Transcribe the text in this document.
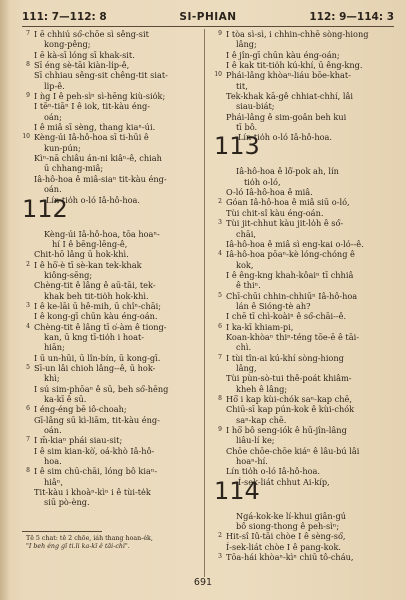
111: 7—112: 8	SI-PHIAN	112: 9—114: 3
7 I ē chhiú só͘-chōe sì sêng-sit
kong-pêng;
I ē kà-sī lóng sī khak-sit.
8 Sī éng sè-tāi kiàn-li̍p-ê,
Sī chhiau sêng-sit chêng-tit siat-
li̍p-ê.
9 I ǹg I ê peh-sìⁿ sì-hēng kiù-sio̍k;
I tēⁿ-tiāⁿ I ê iok, tit-kàu éng-
oán;
I ê miâ sī sèng, thang kiaⁿ-úi.
10 Kèng-úi Iâ-hô-hoa sī ti-hūi ê
kun-pún;
Kìⁿ-nā chiâu án-ni kiâⁿ-ê, chiah
ū chhang-miâ;
Iâ-hô-hoa ê miâ-siaⁿ tit-kàu éng-
oán.
112
Lín tio̍h o-ló Iâ-hô-hoa.
Kèng-úi Iâ-hô-hoa, tōa hoaⁿ-
hí I ê bēng-lēng-ê,
Chit-hō lâng ū hok-khì.
2 I ê hō͘-è tī sè-kan tek-khak
kiông-sēng;
Chèng-tit ê lâng ê aū-tāi, tek-
khak beh tit-tio̍h hok-khì.
3 I ê ke-lāi ū hê-mih, ū chîⁿ-chāi;
I ê kong-gī chūn kàu éng-oán.
4 Chèng-tit ê lâng tī o͘-àm ê tiong-
kan, ū kng tī-tio̍h i hoat-
hiān;
I ū un-hūi, ū lîn-bín, ū kong-gī.
5 Sī-un lâi chioh lâng--ê, ū hok-
khì;
I sú sim-phōaⁿ ê sū, beh só͘-hēng
ka-kī ê sū.
6 I éng-éng bē iô-choah;
Gī-lâng sū kì-liām, tit-kàu éng-
oán.
7 I m̄-kiaⁿ phái siau-sit;
I ê sim kian-kò͘, oá-khò Iâ-hô-
hoa.
8 I ê sim chū-chāi, lóng bô kiaⁿ-
hiâⁿ,
Tit-kàu i khoàⁿ-kìⁿ i ê tùi-te̍k
siū pò-èng.
9 I tòa sì-sì, i chhin-chhē sòng-hiong
lâng;
I ê jîn-gī chūn kàu éng-oán;
I ê kak tit-tio̍h kú-khí, ū êng-kng.
10 Phái-lâng khòaⁿ-liáu bōe-khat-
tit,
Tek-khak kā-gê chhiat-chhí, lâi
siau-biát;
Phái-lâng ê sim-goân beh kui
tī bô.
113
Lín tio̍h o-ló Iâ-hô-hoa.
Iâ-hô-hoa ê lô͘-pok ah, lín
tio̍h o-ló,
O-ló Iâ-hô-hoa ê miâ.
2 Góan Iâ-hô-hoa ê miâ siū o-ló,
Tùi chit-sî kàu éng-oán.
3 Tùi jit-chhut kàu jit-lo̍h ê só͘-
chāi,
Iâ-hô-hoa ê miâ sì eng-kai o-ló--ê.
4 Iâ-hô-hoa pōaⁿ-kè lóng-chóng ê
kok,
I ê êng-kng khah-kôaiⁿ tī chhiâ
ê thiⁿ.
5 Chī-chūi chhin-chhiūⁿ Iâ-hô-hoa
lán ê Sióng-tè ah?
I chē tī chì-koàiⁿ ê só͘-chāi--ê.
6 I ka-kī khiam-pi,
Koan-khòaⁿ thiⁿ-téng tōe-ē ê tāi-
chì.
7 I tùi tîn-ai kú-khí sòng-hiong
lâng,
Tùi pùn-sò-tui thê-poát khiâm-
kheh ê lâng;
8 Hō͘ i kap kùi-chók saⁿ-kap chē,
Chiū-sī kap pún-kok ê kùi-chók
saⁿ-kap chē.
9 I hō͘ bô seng-iók ê hū-jîn-lâng
liâu-lí ke;
Chōe chōe-chōe kiáⁿ ê lâu-bú lâi
hoaⁿ-hí.
Lín tio̍h o-ló Iâ-hô-hoa.
114
Í-sek-liát chhut Ai-kíp,
Ngá-kok-ke lí-khui giân-gú
bô siong-thong ê peh-sìⁿ;
2 Hit-sî Iû-tāi chòe I ê sèng-só͘,
Í-sek-liát chòe I ê pang-kok.
3 Tōa-hái khòaⁿ-kìⁿ chiū tô-cháu,
Tē 5 chat: tē 2 chōe, iáh thang hoan-ék,
"I beh éng gī ti.li ka-kī ê tāi-chì".
691
